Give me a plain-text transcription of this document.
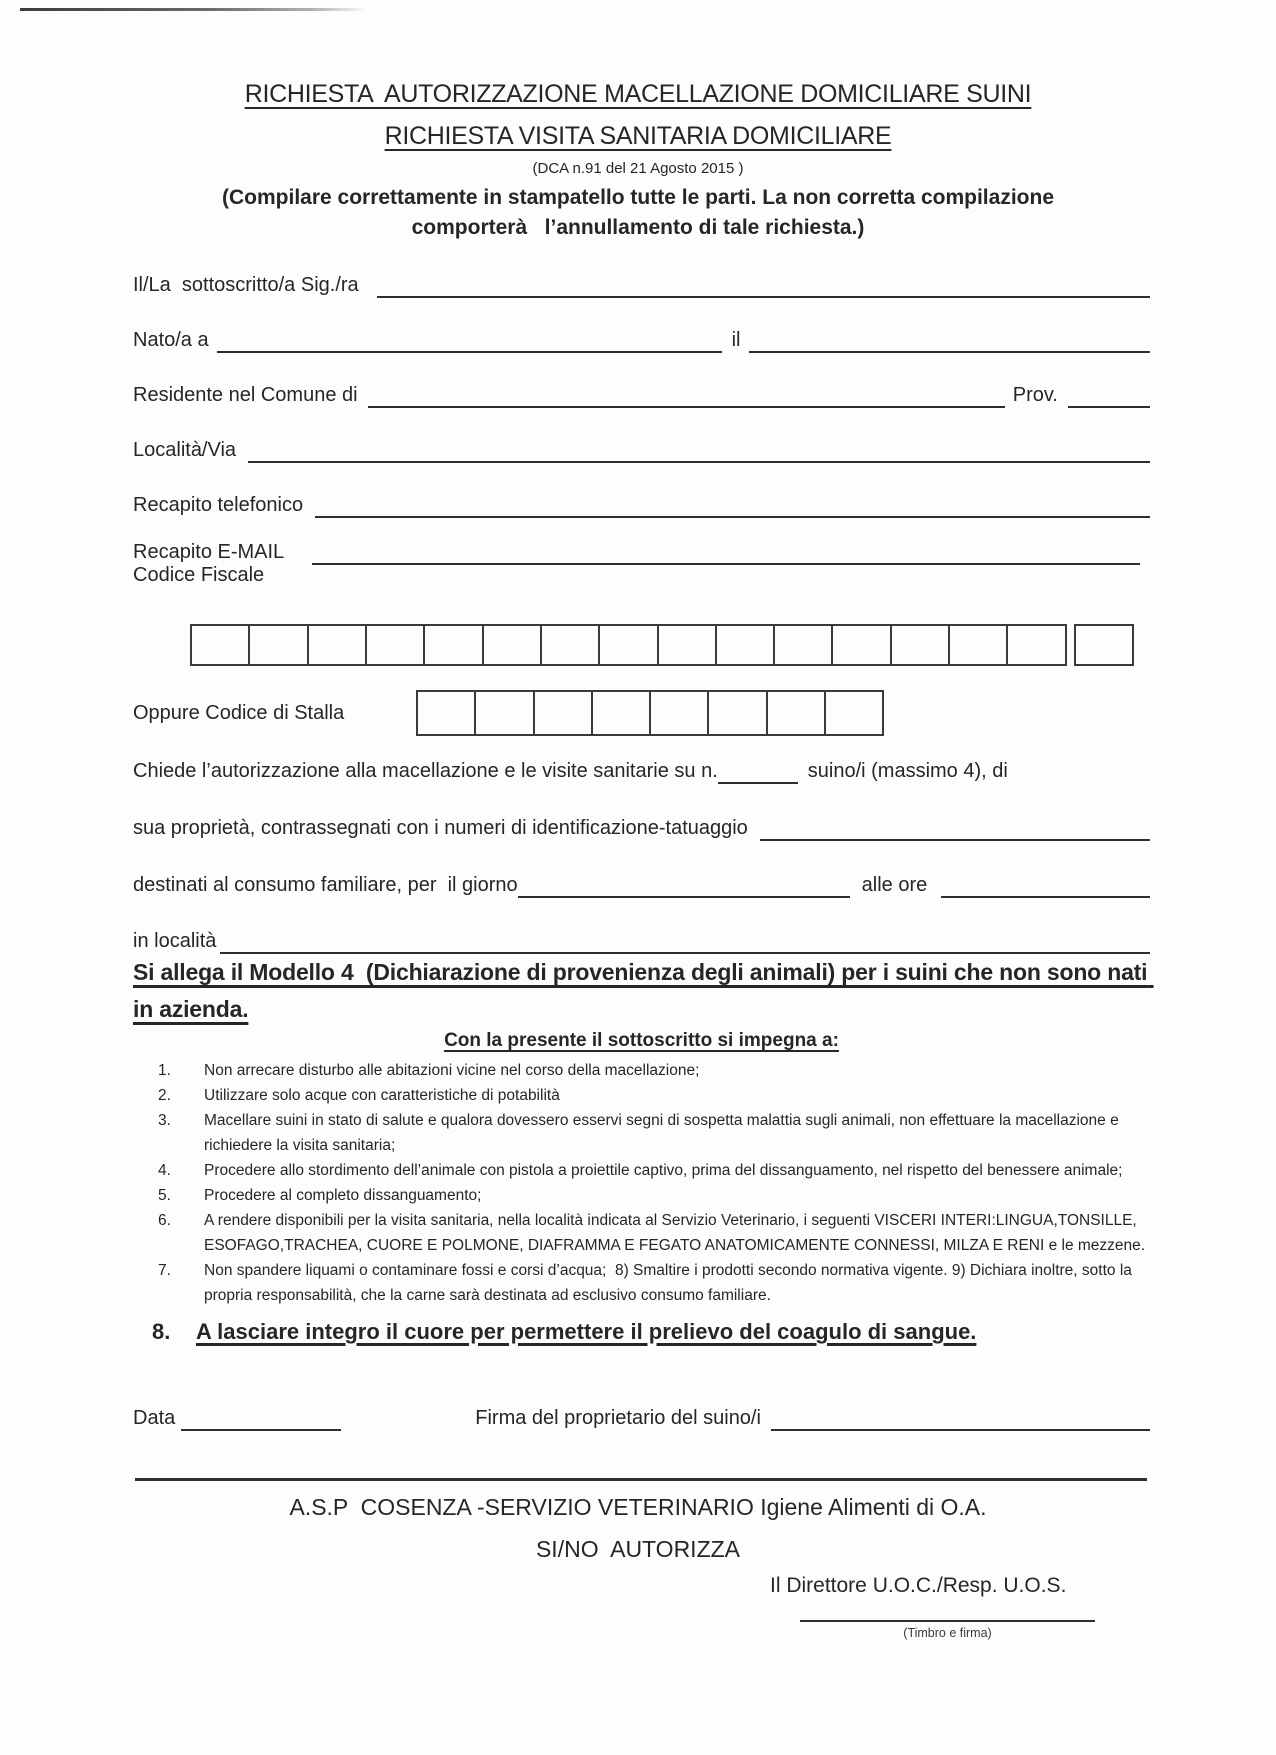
RICHIESTA  AUTORIZZAZIONE MACELLAZIONE DOMICILIARE SUINI
RICHIESTA VISITA SANITARIA DOMICILIARE
(DCA n.91 del 21 Agosto 2015 )
(Compilare correttamente in stampatello tutte le parti. La non corretta compilazione comporterà   l’annullamento di tale richiesta.)
Il/La  sottoscritto/a Sig./ra
Nato/a a	il
Residente nel Comune di	Prov.
Località/Via
Recapito telefonico
Recapito E-MAIL
Codice Fiscale
Oppure Codice di Stalla
Chiede l’autorizzazione alla macellazione e le visite sanitarie su n.	suino/i (massimo 4), di
sua proprietà, contrassegnati con i numeri di identificazione-tatuaggio
destinati al consumo familiare, per  il giorno	alle ore
in località
Si allega il Modello 4  (Dichiarazione di provenienza degli animali) per i suini che non sono nati in azienda.
Con la presente il sottoscritto si impegna a:
1.	Non arrecare disturbo alle abitazioni vicine nel corso della macellazione;
2.	Utilizzare solo acque con caratteristiche di potabilità
3.	Macellare suini in stato di salute e qualora dovessero esservi segni di sospetta malattia sugli animali, non effettuare la macellazione e richiedere la visita sanitaria;
4.	Procedere allo stordimento dell’animale con pistola a proiettile captivo, prima del dissanguamento, nel rispetto del benessere animale;
5.	Procedere al completo dissanguamento;
6.	A rendere disponibili per la visita sanitaria, nella località indicata al Servizio Veterinario, i seguenti VISCERI INTERI:LINGUA,TONSILLE, ESOFAGO,TRACHEA, CUORE E POLMONE, DIAFRAMMA E FEGATO ANATOMICAMENTE CONNESSI, MILZA E RENI e le mezzene.
7.	Non spandere liquami o contaminare fossi e corsi d’acqua;  8) Smaltire i prodotti secondo normativa vigente. 9) Dichiara inoltre, sotto la propria responsabilità, che la carne sarà destinata ad esclusivo consumo familiare.
8.	A lasciare integro il cuore per permettere il prelievo del coagulo di sangue.
Data	Firma del proprietario del suino/i
A.S.P  COSENZA -SERVIZIO VETERINARIO Igiene Alimenti di O.A.
SI/NO  AUTORIZZA
Il Direttore U.O.C./Resp. U.O.S.
(Timbro e firma)
